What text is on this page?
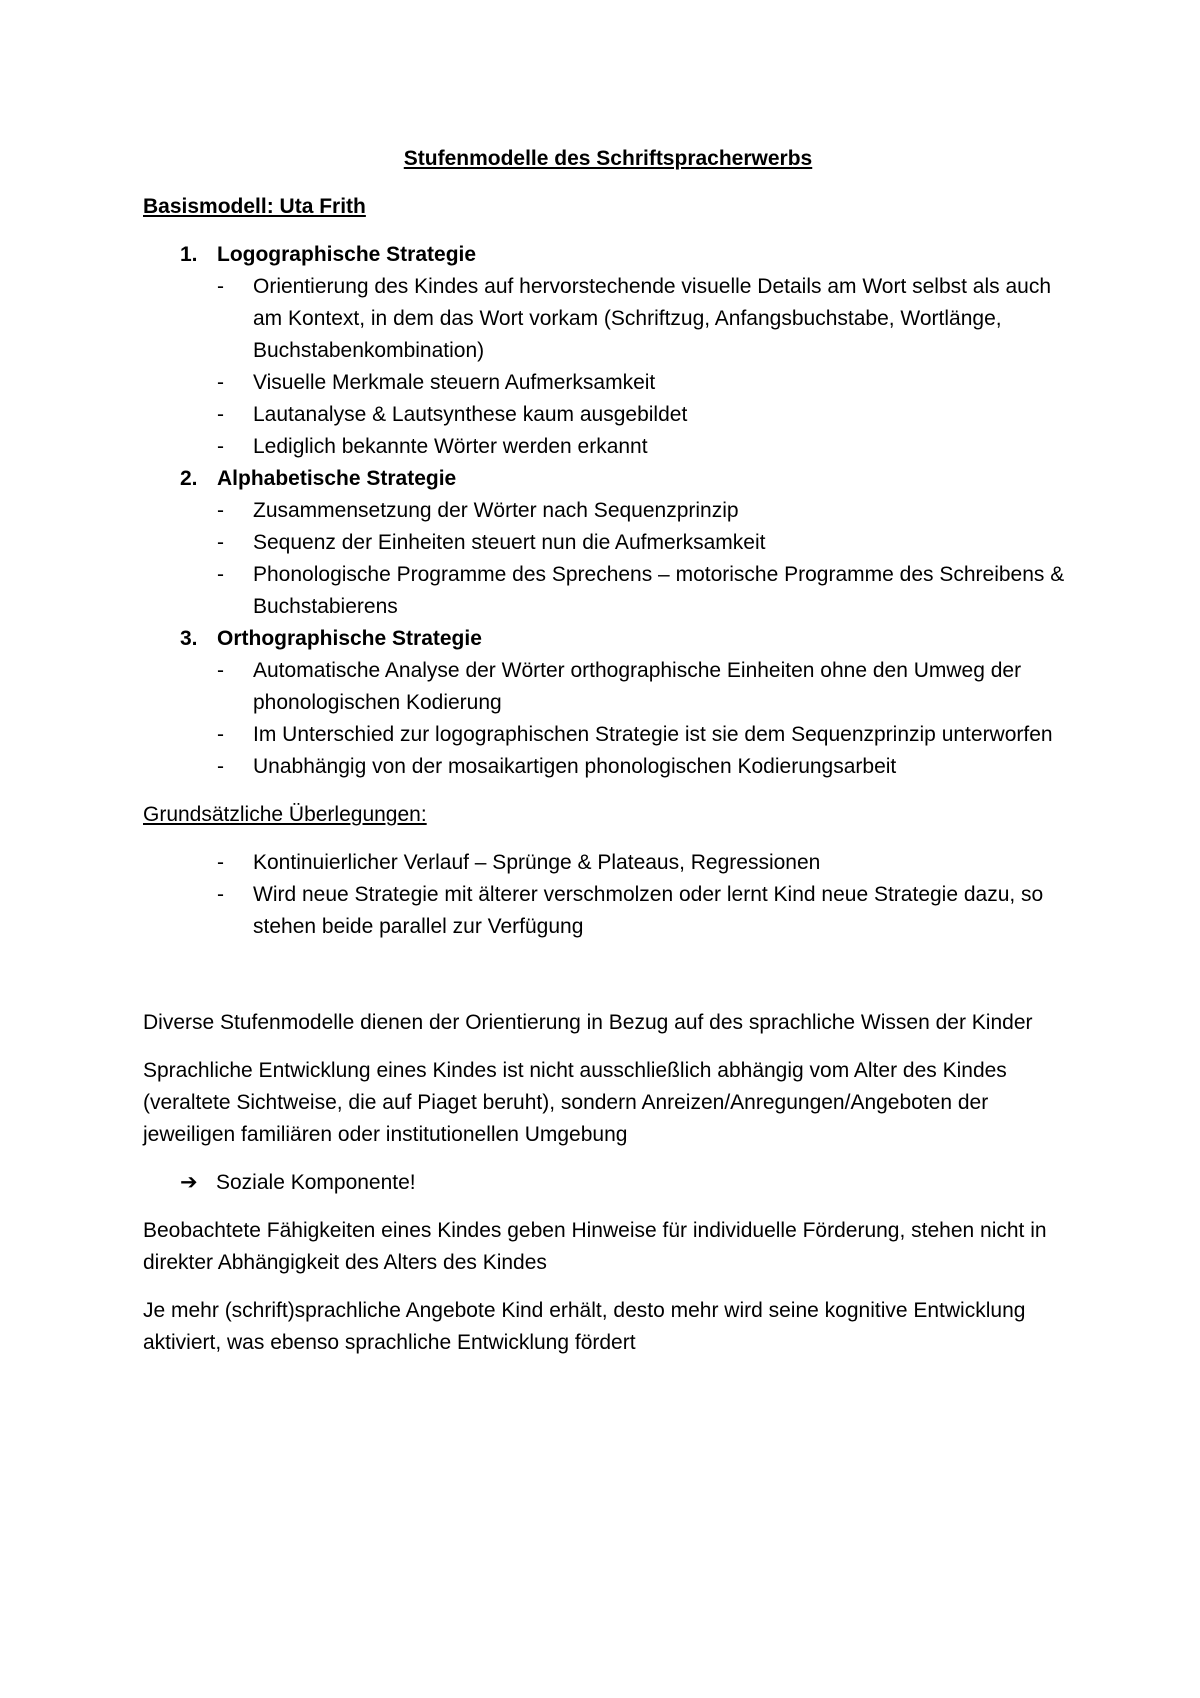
Stufenmodelle des Schriftspracherwerbs
Basismodell: Uta Frith
1. Logographische Strategie
-	Orientierung des Kindes auf hervorstechende visuelle Details am Wort selbst als auch am Kontext, in dem das Wort vorkam (Schriftzug, Anfangsbuchstabe, Wortlänge, Buchstabenkombination)
-	Visuelle Merkmale steuern Aufmerksamkeit
-	Lautanalyse & Lautsynthese kaum ausgebildet
-	Lediglich bekannte Wörter werden erkannt
2. Alphabetische Strategie
-	Zusammensetzung der Wörter nach Sequenzprinzip
-	Sequenz der Einheiten steuert nun die Aufmerksamkeit
-	Phonologische Programme des Sprechens – motorische Programme des Schreibens & Buchstabierens
3. Orthographische Strategie
-	Automatische Analyse der Wörter orthographische Einheiten ohne den Umweg der phonologischen Kodierung
-	Im Unterschied zur logographischen Strategie ist sie dem Sequenzprinzip unterworfen
-	Unabhängig von der mosaikartigen phonologischen Kodierungsarbeit
Grundsätzliche Überlegungen:
-	Kontinuierlicher Verlauf – Sprünge & Plateaus, Regressionen
-	Wird neue Strategie mit älterer verschmolzen oder lernt Kind neue Strategie dazu, so stehen beide parallel zur Verfügung

Diverse Stufenmodelle dienen der Orientierung in Bezug auf des sprachliche Wissen der Kinder

Sprachliche Entwicklung eines Kindes ist nicht ausschließlich abhängig vom Alter des Kindes (veraltete Sichtweise, die auf Piaget beruht), sondern Anreizen/Anregungen/Angeboten der jeweiligen familiären oder institutionellen Umgebung

➔ Soziale Komponente!

Beobachtete Fähigkeiten eines Kindes geben Hinweise für individuelle Förderung, stehen nicht in direkter Abhängigkeit des Alters des Kindes

Je mehr (schrift)sprachliche Angebote Kind erhält, desto mehr wird seine kognitive Entwicklung aktiviert, was ebenso sprachliche Entwicklung fördert
